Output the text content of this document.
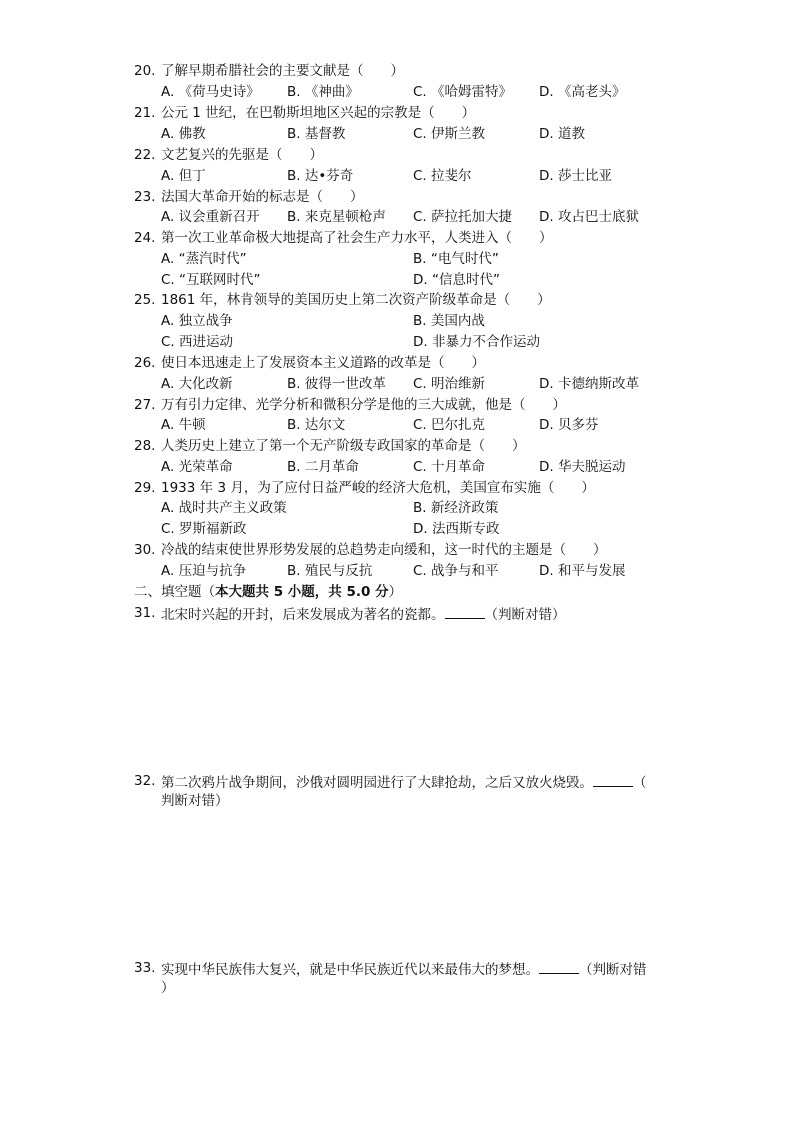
20. 了解早期希腊社会的主要文献是（　　）
A. 《荷马史诗》 B. 《神曲》	C. 《哈姆雷特》 D. 《高老头》
21. 公元 1 世纪，在巴勒斯坦地区兴起的宗教是（　　）
A. 佛教	B. 基督教	C. 伊斯兰教	D. 道教
22. 文艺复兴的先驱是（　　）
A. 但丁	B. 达•芬奇	C. 拉斐尔	D. 莎士比亚
23. 法国大革命开始的标志是（　　）
A. 议会重新召开 B. 来克星顿枪声 C. 萨拉托加大捷 D. 攻占巴士底狱
24. 第一次工业革命极大地提高了社会生产力水平，人类进入（　　）
A. “蒸汽时代”	B. “电气时代”
C. “互联网时代”	D. “信息时代”
25. 1861 年，林肯领导的美国历史上第二次资产阶级革命是（　　）
A. 独立战争	B. 美国内战
C. 西进运动	D. 非暴力不合作运动
26. 使日本迅速走上了发展资本主义道路的改革是（　　）
A. 大化改新	B. 彼得一世改革 C. 明治维新	D. 卡德纳斯改革
27. 万有引力定律、光学分析和微积分学是他的三大成就，他是（　　）
A. 牛顿	B. 达尔文	C. 巴尔扎克	D. 贝多芬
28. 人类历史上建立了第一个无产阶级专政国家的革命是（　　）
A. 光荣革命	B. 二月革命	C. 十月革命	D. 华夫脱运动
29. 1933 年 3 月，为了应付日益严峻的经济大危机，美国宣布实施（　　）
A. 战时共产主义政策	B. 新经济政策
C. 罗斯福新政	D. 法西斯专政
30. 冷战的结束使世界形势发展的总趋势走向缓和，这一时代的主题是（　　）
A. 压迫与抗争	B. 殖民与反抗	C. 战争与和平	D. 和平与发展
二、填空题（本大题共 5 小题，共 5.0 分）
31. 北宋时兴起的开封，后来发展成为著名的瓷都。	（判断对错）
32. 第二次鸦片战争期间，沙俄对圆明园进行了大肆抢劫，之后又放火烧毁。	（
判断对错）
33. 实现中华民族伟大复兴，就是中华民族近代以来最伟大的梦想。	（判断对错
）
